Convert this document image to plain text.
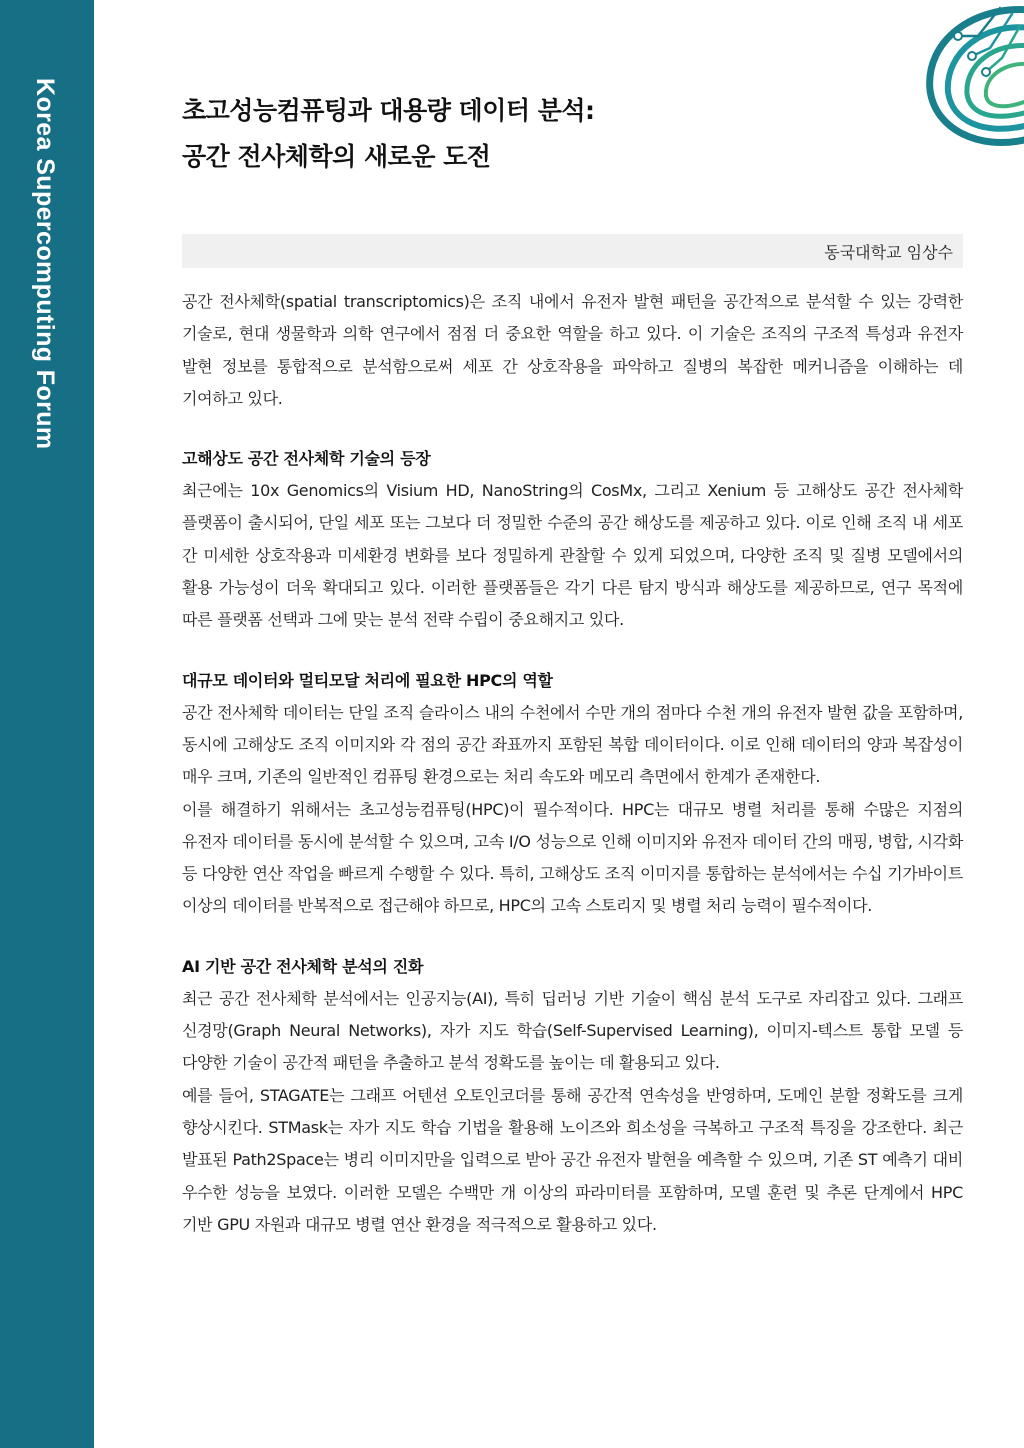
Korea Supercomputing Forum	초고성능컴퓨팅과 대용량 데이터 분석:
공간 전사체학의 새로운 도전
동국대학교 임상수

공간 전사체학(spatial transcriptomics)은 조직 내에서 유전자 발현 패턴을 공간적으로 분석할 수 있는 강력한 기술로, 현대 생물학과 의학 연구에서 점점 더 중요한 역할을 하고 있다. 이 기술은 조직의 구조적 특성과 유전자 발현 정보를 통합적으로 분석함으로써 세포 간 상호작용을 파악하고 질병의 복잡한 메커니즘을 이해하는 데 기여하고 있다.

고해상도 공간 전사체학 기술의 등장

최근에는 10x Genomics의 Visium HD, NanoString의 CosMx, 그리고 Xenium 등 고해상도 공간 전사체학 플랫폼이 출시되어, 단일 세포 또는 그보다 더 정밀한 수준의 공간 해상도를 제공하고 있다. 이로 인해 조직 내 세포 간 미세한 상호작용과 미세환경 변화를 보다 정밀하게 관찰할 수 있게 되었으며, 다양한 조직 및 질병 모델에서의 활용 가능성이 더욱 확대되고 있다. 이러한 플랫폼들은 각기 다른 탐지 방식과 해상도를 제공하므로, 연구 목적에 따른 플랫폼 선택과 그에 맞는 분석 전략 수립이 중요해지고 있다.

대규모 데이터와 멀티모달 처리에 필요한 HPC의 역할

공간 전사체학 데이터는 단일 조직 슬라이스 내의 수천에서 수만 개의 점마다 수천 개의 유전자 발현 값을 포함하며, 동시에 고해상도 조직 이미지와 각 점의 공간 좌표까지 포함된 복합 데이터이다. 이로 인해 데이터의 양과 복잡성이 매우 크며, 기존의 일반적인 컴퓨팅 환경으로는 처리 속도와 메모리 측면에서 한계가 존재한다.

이를 해결하기 위해서는 초고성능컴퓨팅(HPC)이 필수적이다. HPC는 대규모 병렬 처리를 통해 수많은 지점의 유전자 데이터를 동시에 분석할 수 있으며, 고속 I/O 성능으로 인해 이미지와 유전자 데이터 간의 매핑, 병합, 시각화 등 다양한 연산 작업을 빠르게 수행할 수 있다. 특히, 고해상도 조직 이미지를 통합하는 분석에서는 수십 기가바이트 이상의 데이터를 반복적으로 접근해야 하므로, HPC의 고속 스토리지 및 병렬 처리 능력이 필수적이다.

AI 기반 공간 전사체학 분석의 진화

최근 공간 전사체학 분석에서는 인공지능(AI), 특히 딥러닝 기반 기술이 핵심 분석 도구로 자리잡고 있다. 그래프 신경망(Graph Neural Networks), 자가 지도 학습(Self-Supervised Learning), 이미지-텍스트 통합 모델 등 다양한 기술이 공간적 패턴을 추출하고 분석 정확도를 높이는 데 활용되고 있다.

예를 들어, STAGATE는 그래프 어텐션 오토인코더를 통해 공간적 연속성을 반영하며, 도메인 분할 정확도를 크게 향상시킨다. STMask는 자가 지도 학습 기법을 활용해 노이즈와 희소성을 극복하고 구조적 특징을 강조한다. 최근 발표된 Path2Space는 병리 이미지만을 입력으로 받아 공간 유전자 발현을 예측할 수 있으며, 기존 ST 예측기 대비 우수한 성능을 보였다. 이러한 모델은 수백만 개 이상의 파라미터를 포함하며, 모델 훈련 및 추론 단계에서 HPC 기반 GPU 자원과 대규모 병렬 연산 환경을 적극적으로 활용하고 있다.
